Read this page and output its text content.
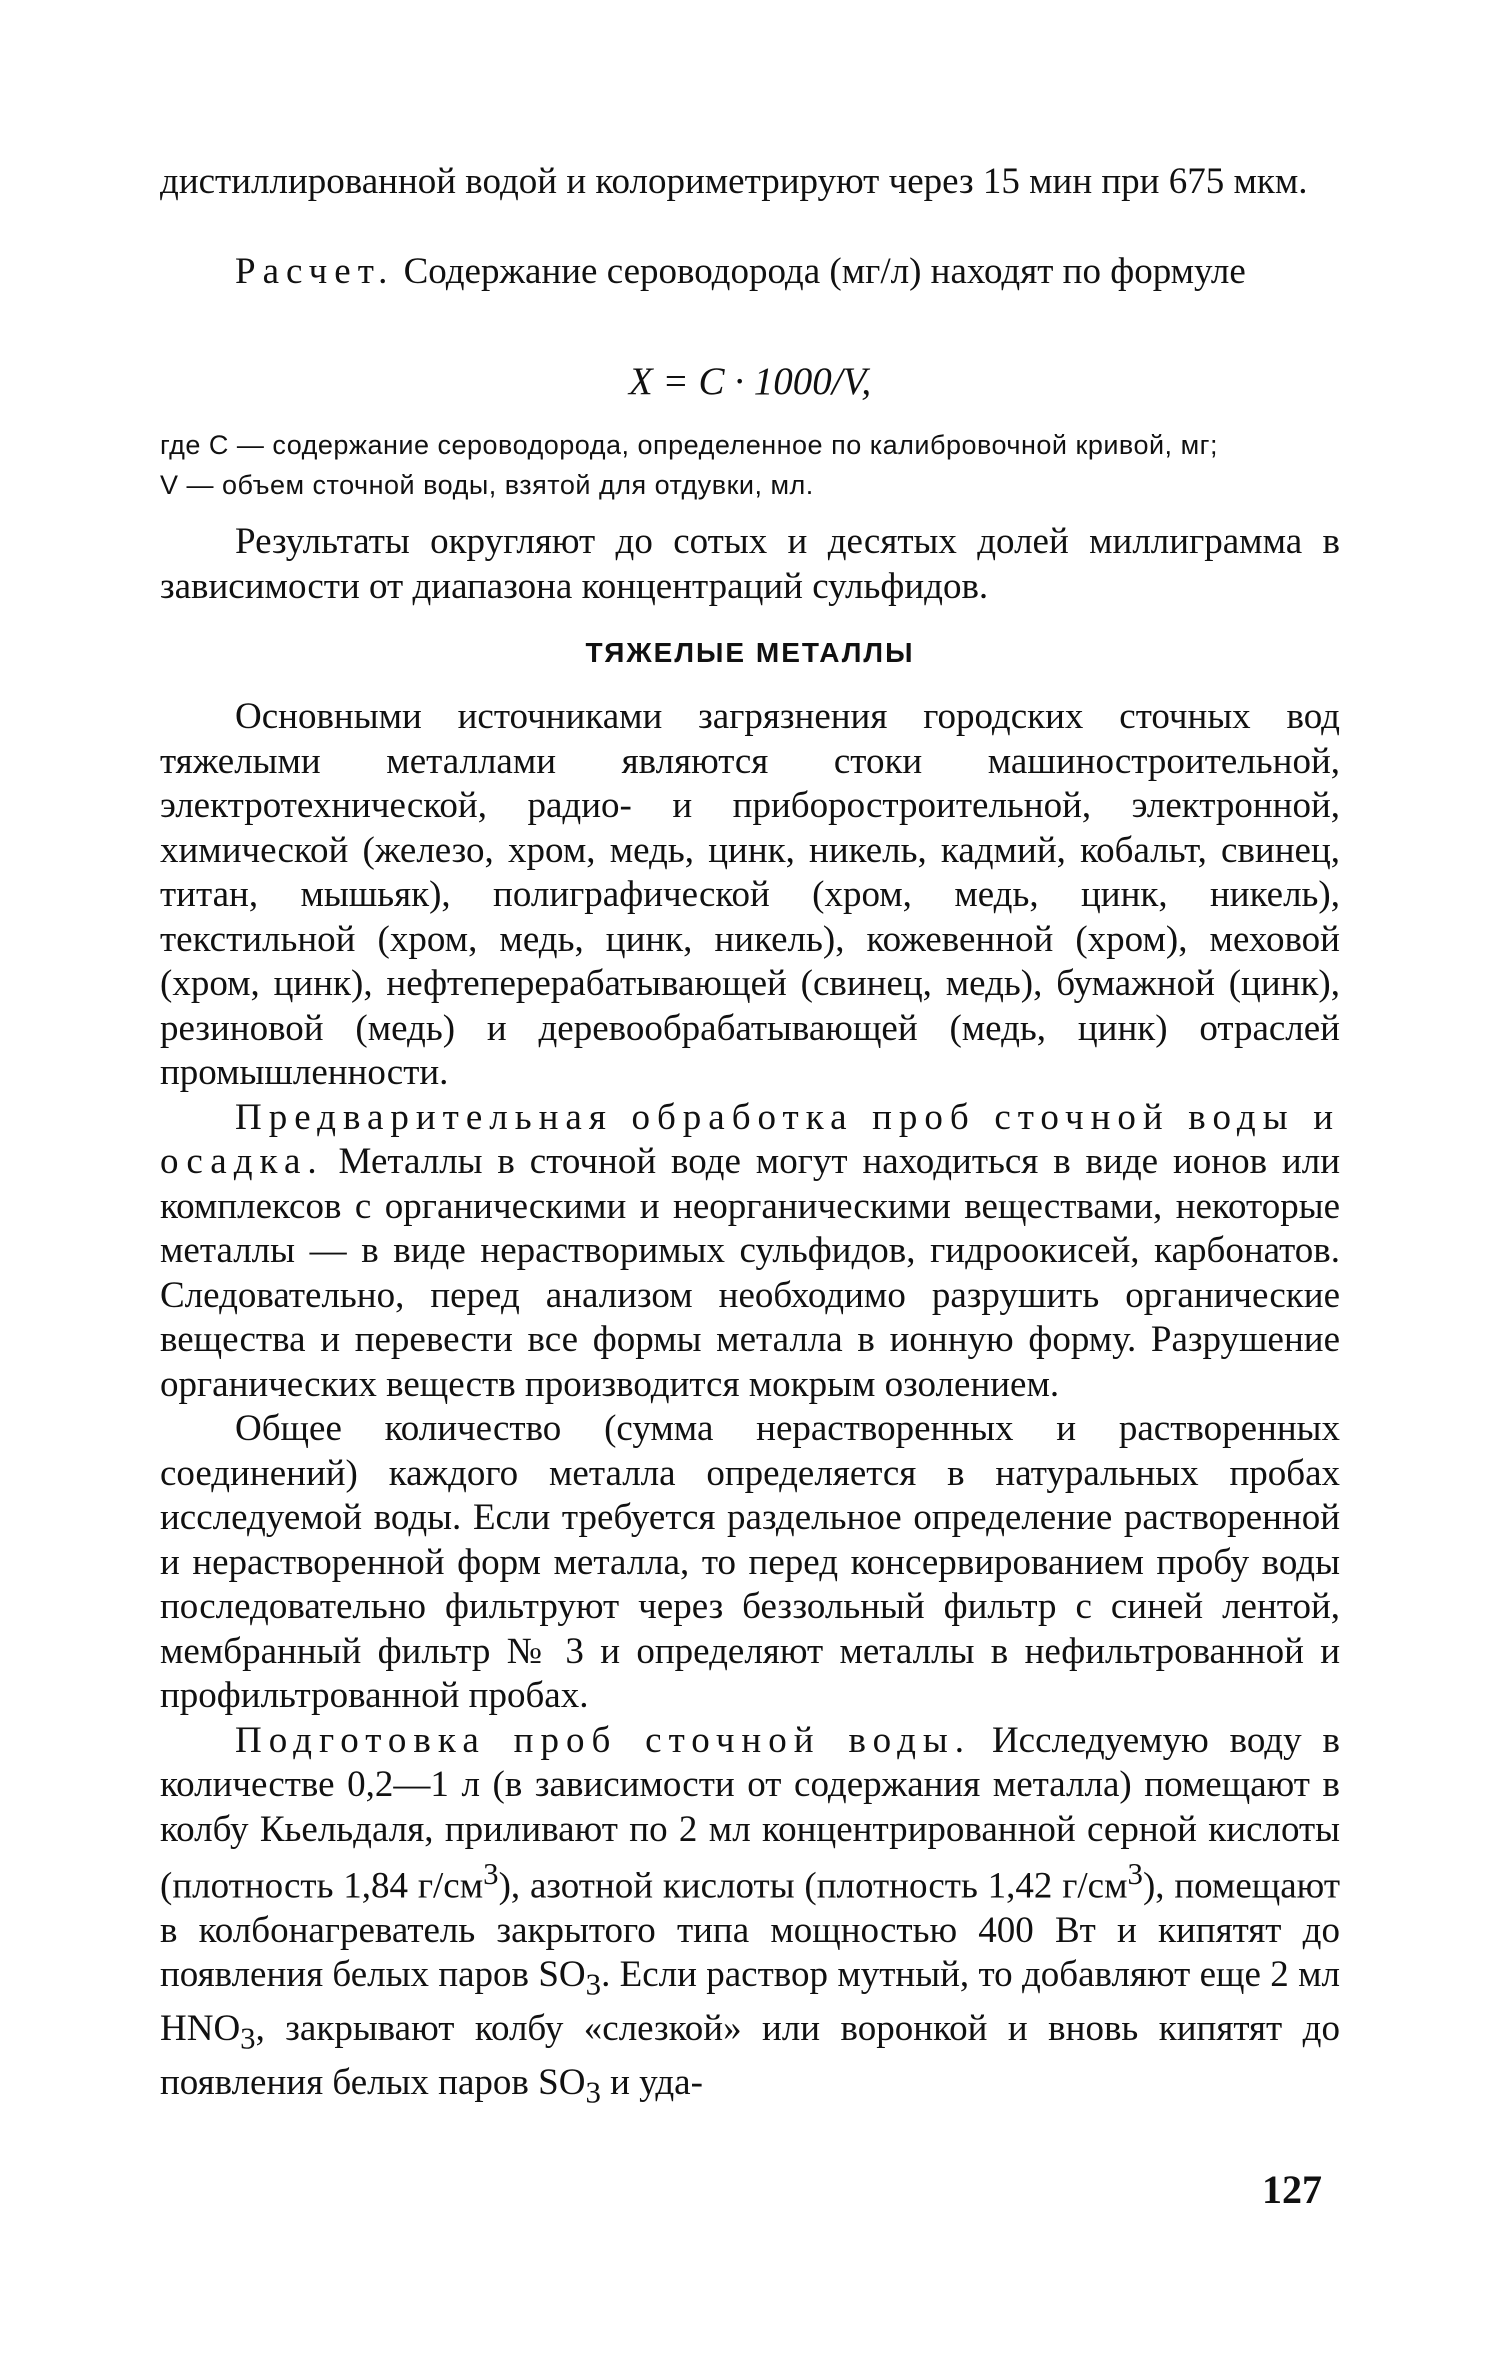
дистиллированной водой и колориметрируют через 15 мин при 675 мкм.

Расчет. Содержание сероводорода (мг/л) находят по формуле

X = C · 1000/V,

где C — содержание сероводорода, определенное по калибровочной кривой, мг;

V — объем сточной воды, взятой для отдувки, мл.

Результаты округляют до сотых и десятых долей миллиграмма в зависимости от диапазона концентраций сульфидов.

ТЯЖЕЛЫЕ МЕТАЛЛЫ

Основными источниками загрязнения городских сточных вод тяжелыми металлами являются стоки машиностроительной, электротехнической, радио- и приборостроительной, электронной, химической (железо, хром, медь, цинк, никель, кадмий, кобальт, свинец, титан, мышьяк), полиграфической (хром, медь, цинк, никель), текстильной (хром, медь, цинк, никель), кожевенной (хром), меховой (хром, цинк), нефтеперерабатывающей (свинец, медь), бумажной (цинк), резиновой (медь) и деревообрабатывающей (медь, цинк) отраслей промышленности.

Предварительная обработка проб сточной воды и осадка. Металлы в сточной воде могут находиться в виде ионов или комплексов с органическими и неорганическими веществами, некоторые металлы — в виде нерастворимых сульфидов, гидроокисей, карбонатов. Следовательно, перед анализом необходимо разрушить органические вещества и перевести все формы металла в ионную форму. Разрушение органических веществ производится мокрым озолением.

Общее количество (сумма нерастворенных и растворенных соединений) каждого металла определяется в натуральных пробах исследуемой воды. Если требуется раздельное определение растворенной и нерастворенной форм металла, то перед консервированием пробу воды последовательно фильтруют через беззольный фильтр с синей лентой, мембранный фильтр № 3 и определяют металлы в нефильтрованной и профильтрованной пробах.

Подготовка проб сточной воды. Исследуемую воду в количестве 0,2—1 л (в зависимости от содержания металла) помещают в колбу Кьельдаля, приливают по 2 мл концентрированной серной кислоты (плотность 1,84 $г/см^3$), азотной кислоты (плотность 1,42 $г/см^3$), помещают в колбонагреватель закрытого типа мощностью 400 Вт и кипятят до появления белых паров $SO_3$. Если раствор мутный, то добавляют еще 2 мл $HNO_3$, закрывают колбу «слезкой» или воронкой и вновь кипятят до появления белых паров $SO_3$ и уда-

127
